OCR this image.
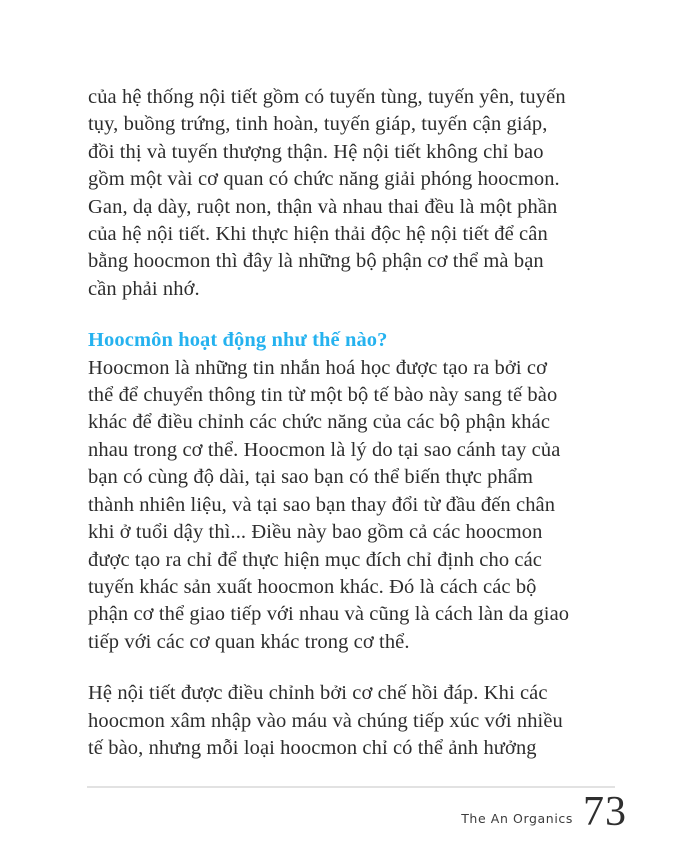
của hệ thống nội tiết gồm có tuyến tùng, tuyến yên, tuyến
tụy, buồng trứng, tinh hoàn, tuyến giáp, tuyến cận giáp,
đồi thị và tuyến thượng thận. Hệ nội tiết không chỉ bao
gồm một vài cơ quan có chức năng giải phóng hoocmon.
Gan, dạ dày, ruột non, thận và nhau thai đều là một phần
của hệ nội tiết. Khi thực hiện thải độc hệ nội tiết để cân
bằng hoocmon thì đây là những bộ phận cơ thể mà bạn
cần phải nhớ.
Hoocmôn hoạt động như thế nào?
Hoocmon là những tin nhắn hoá học được tạo ra bởi cơ
thể để chuyển thông tin từ một bộ tế bào này sang tế bào
khác để điều chỉnh các chức năng của các bộ phận khác
nhau trong cơ thể. Hoocmon là lý do tại sao cánh tay của
bạn có cùng độ dài, tại sao bạn có thể biến thực phẩm
thành nhiên liệu, và tại sao bạn thay đổi từ đầu đến chân
khi ở tuổi dậy thì... Điều này bao gồm cả các hoocmon
được tạo ra chỉ để thực hiện mục đích chỉ định cho các
tuyến khác sản xuất hoocmon khác. Đó là cách các bộ
phận cơ thể giao tiếp với nhau và cũng là cách làn da giao
tiếp với các cơ quan khác trong cơ thể.
Hệ nội tiết được điều chỉnh bởi cơ chế hồi đáp. Khi các
hoocmon xâm nhập vào máu và chúng tiếp xúc với nhiều
tế bào, nhưng mỗi loại hoocmon chỉ có thể ảnh hưởng
The An Organics 73
